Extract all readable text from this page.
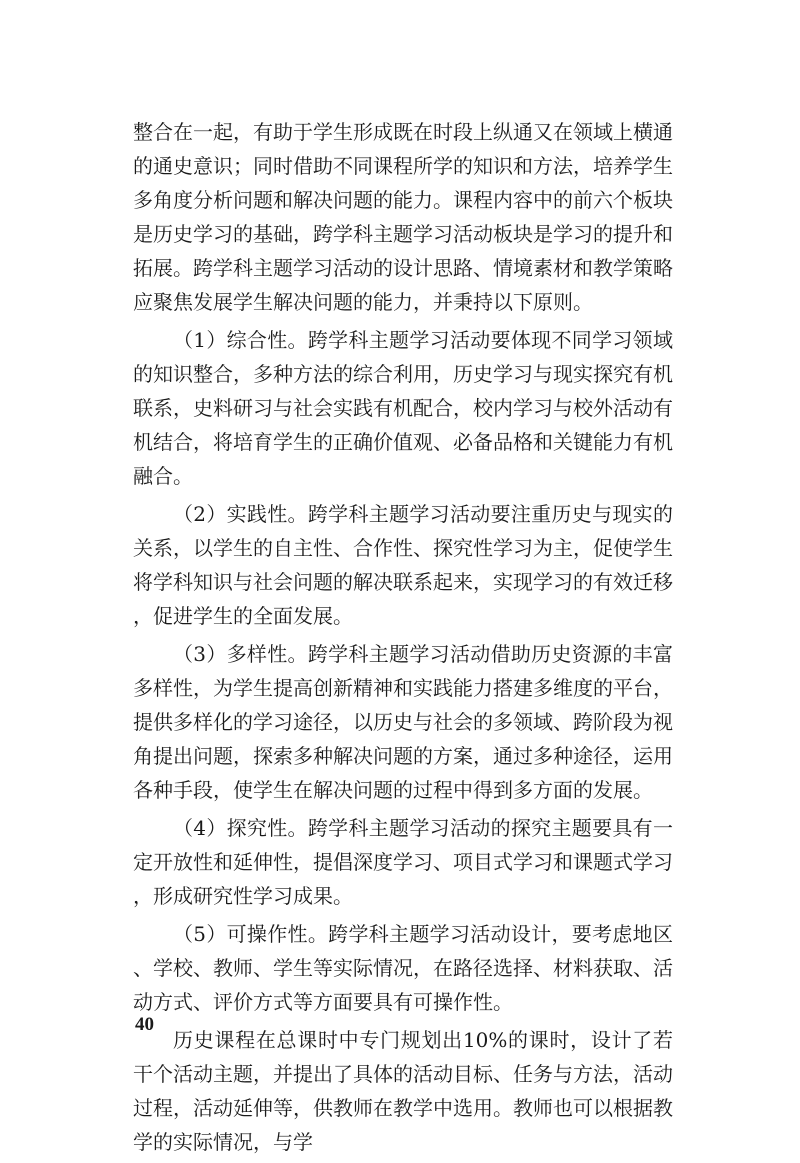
整合在一起，有助于学生形成既在时段上纵通又在领域上横通的通史意识；同时借助不同课程所学的知识和方法，培养学生多角度分析问题和解决问题的能力。课程内容中的前六个板块是历史学习的基础，跨学科主题学习活动板块是学习的提升和拓展。跨学科主题学习活动的设计思路、情境素材和教学策略应聚焦发展学生解决问题的能力，并秉持以下原则。

（1）综合性。跨学科主题学习活动要体现不同学习领域的知识整合，多种方法的综合利用，历史学习与现实探究有机联系，史料研习与社会实践有机配合，校内学习与校外活动有机结合，将培育学生的正确价值观、必备品格和关键能力有机融合。

（2）实践性。跨学科主题学习活动要注重历史与现实的关系，以学生的自主性、合作性、探究性学习为主，促使学生将学科知识与社会问题的解决联系起来，实现学习的有效迁移，促进学生的全面发展。

（3）多样性。跨学科主题学习活动借助历史资源的丰富多样性，为学生提高创新精神和实践能力搭建多维度的平台，提供多样化的学习途径，以历史与社会的多领域、跨阶段为视角提出问题，探索多种解决问题的方案，通过多种途径，运用各种手段，使学生在解决问题的过程中得到多方面的发展。

（4）探究性。跨学科主题学习活动的探究主题要具有一定开放性和延伸性，提倡深度学习、项目式学习和课题式学习，形成研究性学习成果。

（5）可操作性。跨学科主题学习活动设计，要考虑地区、学校、教师、学生等实际情况，在路径选择、材料获取、活动方式、评价方式等方面要具有可操作性。

历史课程在总课时中专门规划出10%的课时，设计了若干个活动主题，并提出了具体的活动目标、任务与方法，活动过程，活动延伸等，供教师在教学中选用。教师也可以根据教学的实际情况，与学

40
